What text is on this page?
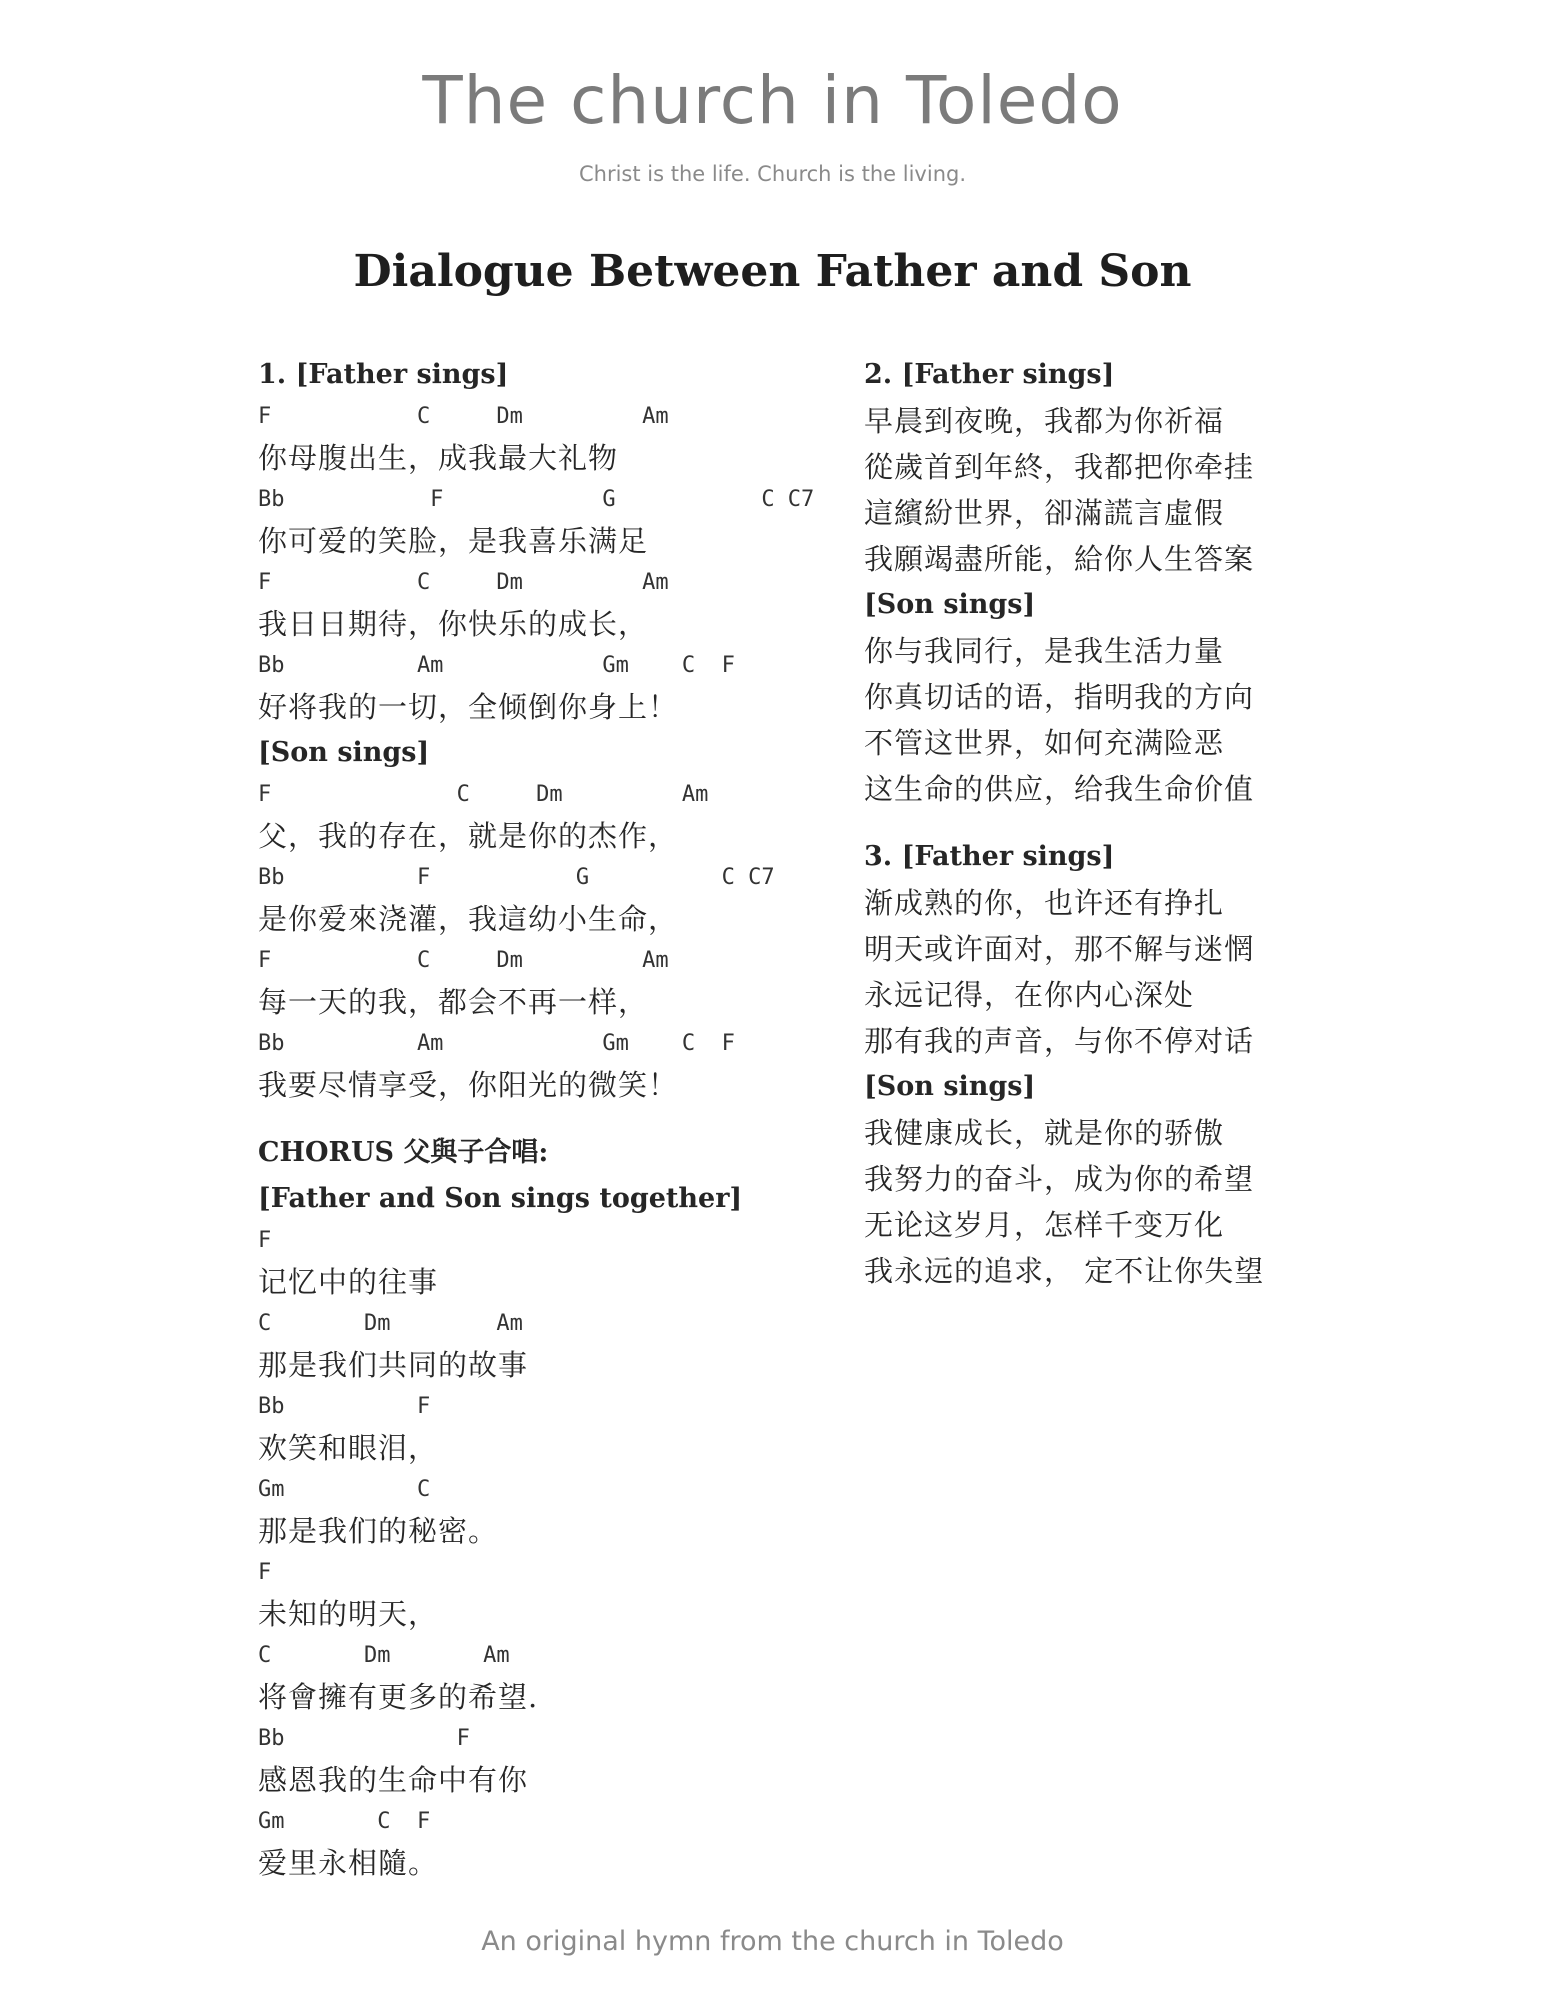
The church in Toledo
Christ is the life. Church is the living.
Dialogue Between Father and Son
1. [Father sings]
F           C     Dm         Am
你母腹出生，成我最大礼物
Bb           F            G           C C7
你可爱的笑脸，是我喜乐满足
F           C     Dm         Am
我日日期待，你快乐的成长，
Bb          Am            Gm    C  F
好将我的一切，全倾倒你身上！
[Son sings]
F              C     Dm         Am
父，我的存在，就是你的杰作，
Bb          F           G          C C7
是你爱來浇灌，我這幼小生命，
F           C     Dm         Am
每一天的我，都会不再一样，
Bb          Am            Gm    C  F
我要尽情享受，你阳光的微笑！
CHORUS 父與子合唱:
[Father and Son sings together]
F
记忆中的往事
C       Dm        Am
那是我们共同的故事
Bb          F
欢笑和眼泪，
Gm          C
那是我们的秘密。
F
未知的明天，
C       Dm       Am
将會擁有更多的希望.
Bb             F
感恩我的生命中有你
Gm       C  F
爱里永相隨。
2. [Father sings]
早晨到夜晚，我都为你祈福
從歲首到年終，我都把你牵挂
這繽紛世界，卻滿謊言虛假
我願竭盡所能，給你人生答案
[Son sings]
你与我同行，是我生活力量
你真切话的语，指明我的方向
不管这世界，如何充满险恶
这生命的供应，给我生命价值
3. [Father sings]
渐成熟的你，也许还有挣扎
明天或许面对，那不解与迷惘
永远记得，在你内心深处
那有我的声音，与你不停对话
[Son sings]
我健康成长，就是你的骄傲
我努力的奋斗，成为你的希望
无论这岁月，怎样千变万化
我永远的追求， 定不让你失望
An original hymn from the church in Toledo
